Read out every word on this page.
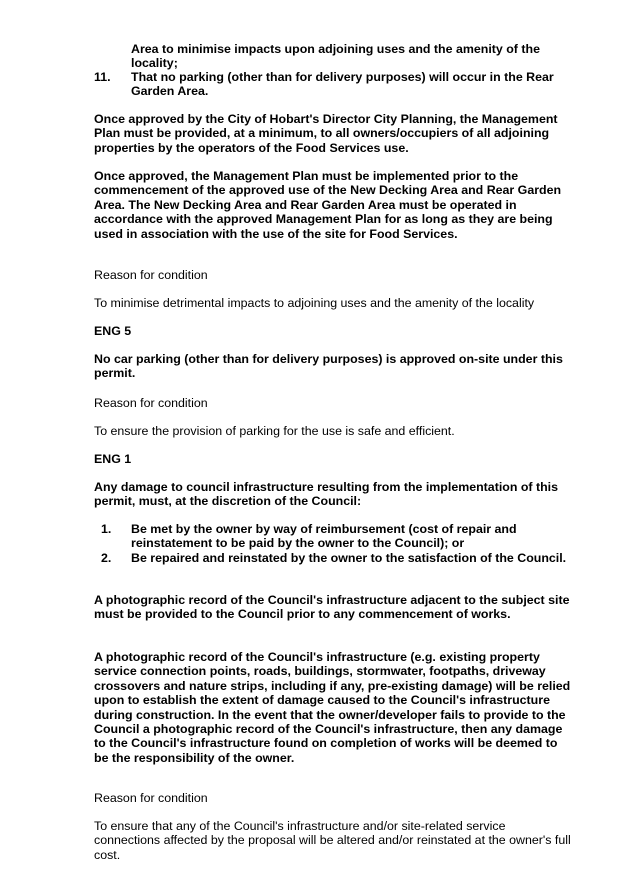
Area to minimise impacts upon adjoining uses and the amenity of the locality;

11. That no parking (other than for delivery purposes) will occur in the Rear Garden Area.

Once approved by the City of Hobart's Director City Planning, the Management Plan must be provided, at a minimum, to all owners/occupiers of all adjoining properties by the operators of the Food Services use.

Once approved, the Management Plan must be implemented prior to the commencement of the approved use of the New Decking Area and Rear Garden Area. The New Decking Area and Rear Garden Area must be operated in accordance with the approved Management Plan for as long as they are being used in association with the use of the site for Food Services.

Reason for condition

To minimise detrimental impacts to adjoining uses and the amenity of the locality

ENG 5

No car parking (other than for delivery purposes) is approved on-site under this permit.

Reason for condition

To ensure the provision of parking for the use is safe and efficient.

ENG 1

Any damage to council infrastructure resulting from the implementation of this permit, must, at the discretion of the Council:

1. Be met by the owner by way of reimbursement (cost of repair and reinstatement to be paid by the owner to the Council); or

2. Be repaired and reinstated by the owner to the satisfaction of the Council.

A photographic record of the Council's infrastructure adjacent to the subject site must be provided to the Council prior to any commencement of works.

A photographic record of the Council's infrastructure (e.g. existing property service connection points, roads, buildings, stormwater, footpaths, driveway crossovers and nature strips, including if any, pre-existing damage) will be relied upon to establish the extent of damage caused to the Council's infrastructure during construction. In the event that the owner/developer fails to provide to the Council a photographic record of the Council's infrastructure, then any damage to the Council's infrastructure found on completion of works will be deemed to be the responsibility of the owner.

Reason for condition

To ensure that any of the Council's infrastructure and/or site-related service connections affected by the proposal will be altered and/or reinstated at the owner's full cost.
